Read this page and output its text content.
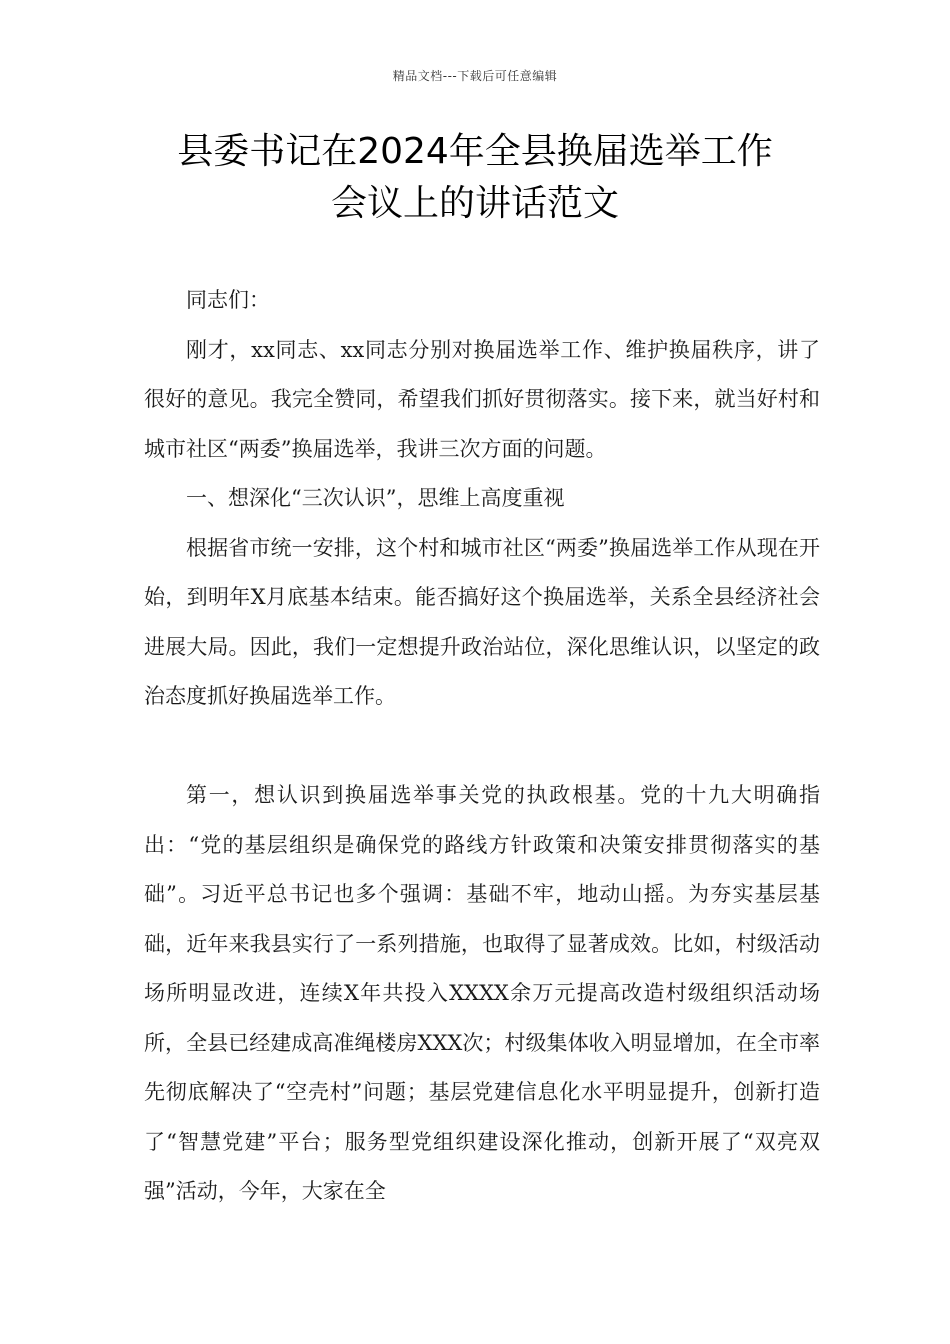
精品文档---下载后可任意编辑
县委书记在2024年全县换届选举工作
会议上的讲话范文

同志们：

刚才，xx同志、xx同志分别对换届选举工作、维护换届秩序，讲了很好的意见。我完全赞同，希望我们抓好贯彻落实。接下来，就当好村和城市社区“两委”换届选举，我讲三次方面的问题。

一、想深化“三次认识”，思维上高度重视

根据省市统一安排，这个村和城市社区“两委”换届选举工作从现在开始，到明年X月底基本结束。能否搞好这个换届选举，关系全县经济社会进展大局。因此，我们一定想提升政治站位，深化思维认识，以坚定的政治态度抓好换届选举工作。

第一，想认识到换届选举事关党的执政根基。党的十九大明确指出：“党的基层组织是确保党的路线方针政策和决策安排贯彻落实的基础”。习近平总书记也多个强调：基础不牢，地动山摇。为夯实基层基础，近年来我县实行了一系列措施，也取得了显著成效。比如，村级活动场所明显改进，连续X年共投入XXXX余万元提高改造村级组织活动场所，全县已经建成高准绳楼房XXX次；村级集体收入明显增加，在全市率先彻底解决了“空壳村”问题；基层党建信息化水平明显提升，创新打造了“智慧党建”平台；服务型党组织建设深化推动，创新开展了“双亮双强”活动，今年，大家在全
